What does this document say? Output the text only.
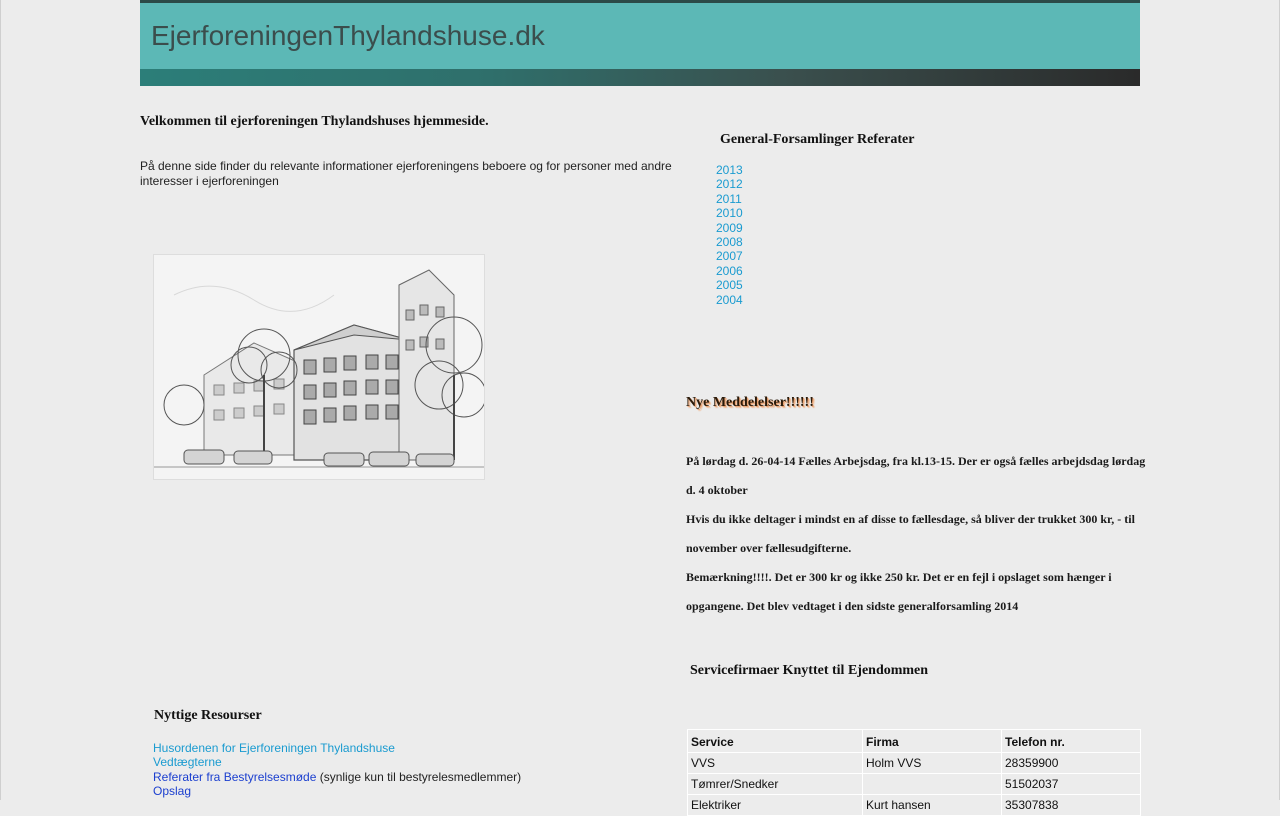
EjerforeningenThylandshuse.dk
Velkommen til ejerforeningen Thylandshuses hjemmeside.
På denne side finder du relevante informationer ejerforeningens beboere og for personer med andre interesser i ejerforeningen
General-Forsamlinger Referater
2013
2012
2011
2010
2009
2008
2007
2006
2005
2004
Nye Meddelelser!!!!!!

På lørdag d. 26-04-14 Fælles Arbejsdag, fra kl.13-15. Der er også fælles arbejdsdag lørdag d. 4 oktober

Hvis du ikke deltager i mindst en af disse to fællesdage, så bliver der trukket 300 kr, - til november over fællesudgifterne.

Bemærkning!!!!. Det er 300 kr og ikke 250 kr. Det er en fejl i opslaget som hænger i opgangene. Det blev vedtaget i den sidste generalforsamling 2014

Servicefirmaer Knyttet til Ejendommen
Service	Firma	Telefon nr.
VVS	Holm VVS	28359900
Tømrer/Snedker		51502037
Elektriker	Kurt hansen	35307838
Nyttige Resourser
Husordenen for Ejerforeningen Thylandshuse
Vedtægterne
Referater fra Bestyrelsesmøde (synlige kun til bestyrelesmedlemmer)
Opslag
